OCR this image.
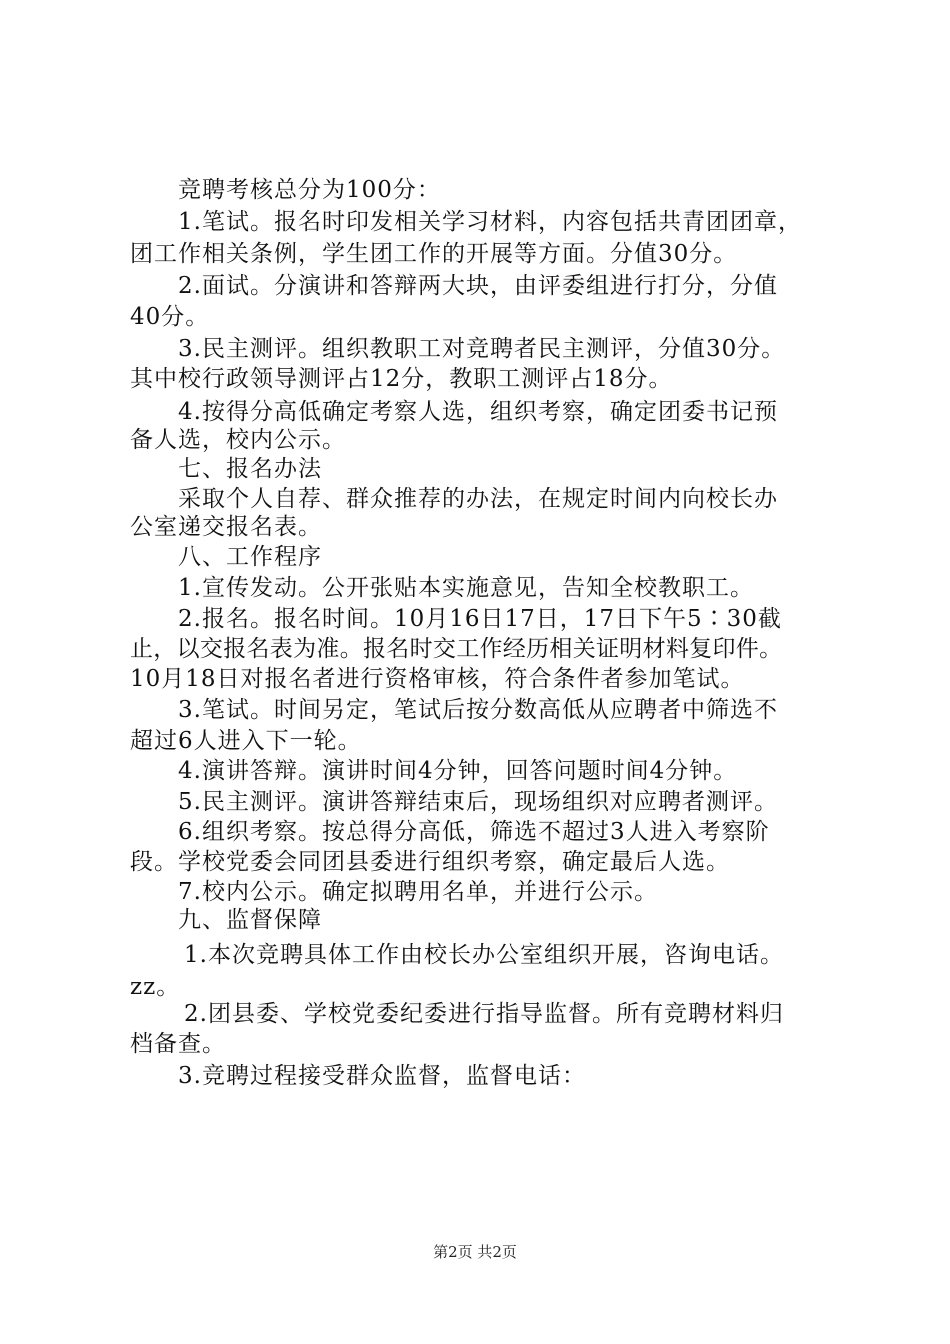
竞聘考核总分为100分：
1.笔试。报名时印发相关学习材料，内容包括共青团团章，
团工作相关条例，学生团工作的开展等方面。分值30分。
2.面试。分演讲和答辩两大块，由评委组进行打分，分值
40分。
3.民主测评。组织教职工对竞聘者民主测评，分值30分。
其中校行政领导测评占12分，教职工测评占18分。
4.按得分高低确定考察人选，组织考察，确定团委书记预
备人选，校内公示。
七、报名办法
采取个人自荐、群众推荐的办法，在规定时间内向校长办
公室递交报名表。
八、工作程序
1.宣传发动。公开张贴本实施意见，告知全校教职工。
2.报名。报名时间。10月16日17日，17日下午5∶30截
止，以交报名表为准。报名时交工作经历相关证明材料复印件。
10月18日对报名者进行资格审核，符合条件者参加笔试。
3.笔试。时间另定，笔试后按分数高低从应聘者中筛选不
超过6人进入下一轮。
4.演讲答辩。演讲时间4分钟，回答问题时间4分钟。
5.民主测评。演讲答辩结束后，现场组织对应聘者测评。
6.组织考察。按总得分高低，筛选不超过3人进入考察阶
段。学校党委会同团县委进行组织考察，确定最后人选。
7.校内公示。确定拟聘用名单，并进行公示。
九、监督保障
1.本次竞聘具体工作由校长办公室组织开展，咨询电话。
zz。
2.团县委、学校党委纪委进行指导监督。所有竞聘材料归
档备查。
3.竞聘过程接受群众监督，监督电话：
第2页 共2页
